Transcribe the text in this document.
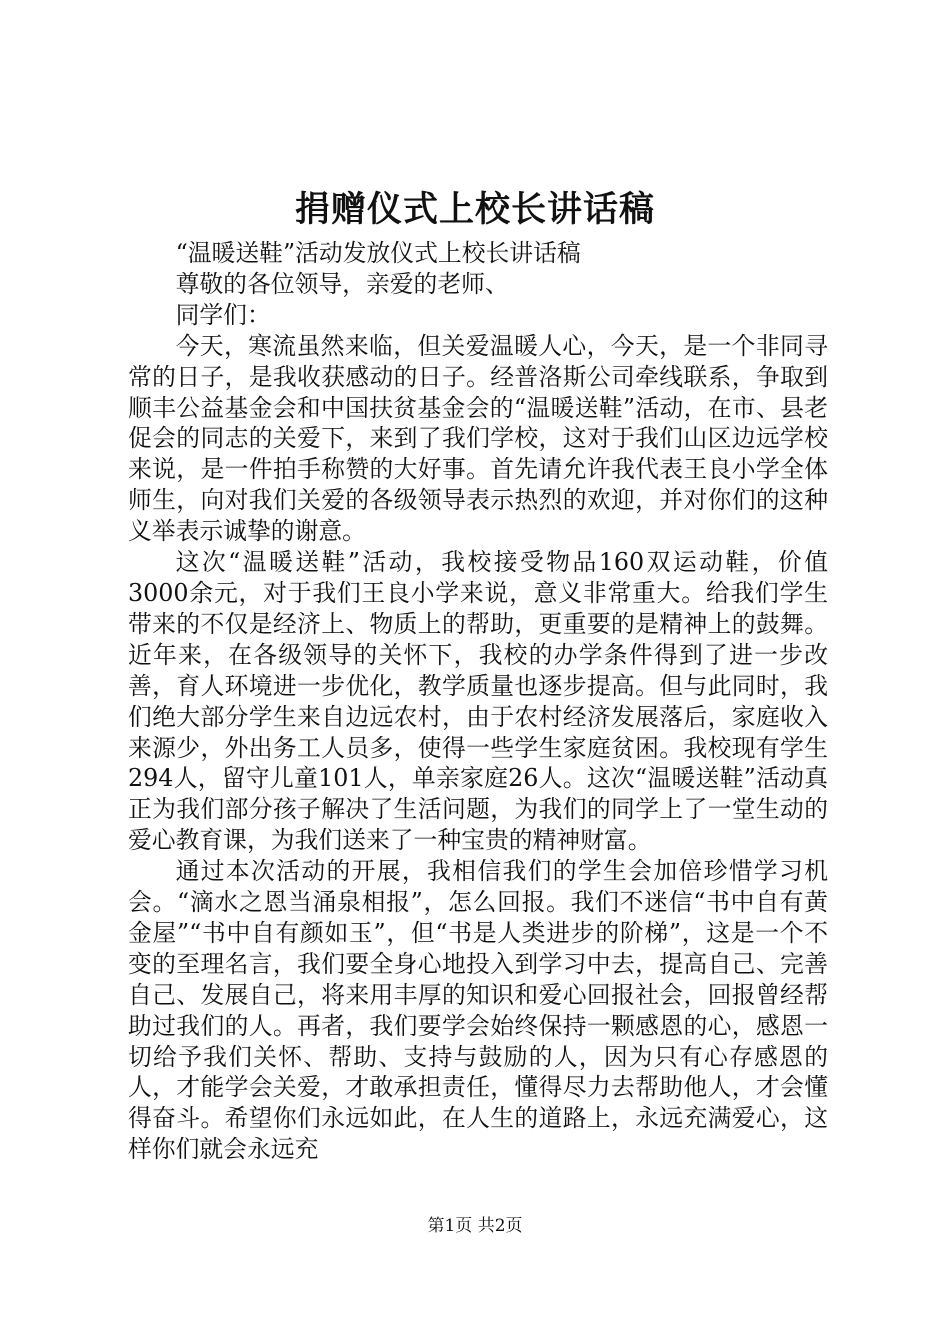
捐赠仪式上校长讲话稿

“温暖送鞋”活动发放仪式上校长讲话稿

尊敬的各位领导，亲爱的老师、

同学们：

今天，寒流虽然来临，但关爱温暖人心，今天，是一个非同寻常的日子，是我收获感动的日子。经普洛斯公司牵线联系，争取到顺丰公益基金会和中国扶贫基金会的“温暖送鞋”活动，在市、县老促会的同志的关爱下，来到了我们学校，这对于我们山区边远学校来说，是一件拍手称赞的大好事。首先请允许我代表王良小学全体师生，向对我们关爱的各级领导表示热烈的欢迎，并对你们的这种义举表示诚挚的谢意。

这次“温暖送鞋”活动，我校接受物品160双运动鞋，价值3000余元，对于我们王良小学来说，意义非常重大。给我们学生带来的不仅是经济上、物质上的帮助，更重要的是精神上的鼓舞。近年来，在各级领导的关怀下，我校的办学条件得到了进一步改善，育人环境进一步优化，教学质量也逐步提高。但与此同时，我们绝大部分学生来自边远农村，由于农村经济发展落后，家庭收入来源少，外出务工人员多，使得一些学生家庭贫困。我校现有学生294人，留守儿童101人，单亲家庭26人。这次“温暖送鞋”活动真正为我们部分孩子解决了生活问题，为我们的同学上了一堂生动的爱心教育课，为我们送来了一种宝贵的精神财富。

通过本次活动的开展，我相信我们的学生会加倍珍惜学习机会。“滴水之恩当涌泉相报”，怎么回报。我们不迷信“书中自有黄金屋”“书中自有颜如玉”，但“书是人类进步的阶梯”，这是一个不变的至理名言，我们要全身心地投入到学习中去，提高自己、完善自己、发展自己，将来用丰厚的知识和爱心回报社会，回报曾经帮助过我们的人。再者，我们要学会始终保持一颗感恩的心，感恩一切给予我们关怀、帮助、支持与鼓励的人，因为只有心存感恩的人，才能学会关爱，才敢承担责任，懂得尽力去帮助他人，才会懂得奋斗。希望你们永远如此，在人生的道路上，永远充满爱心，这样你们就会永远充

第1页 共2页
